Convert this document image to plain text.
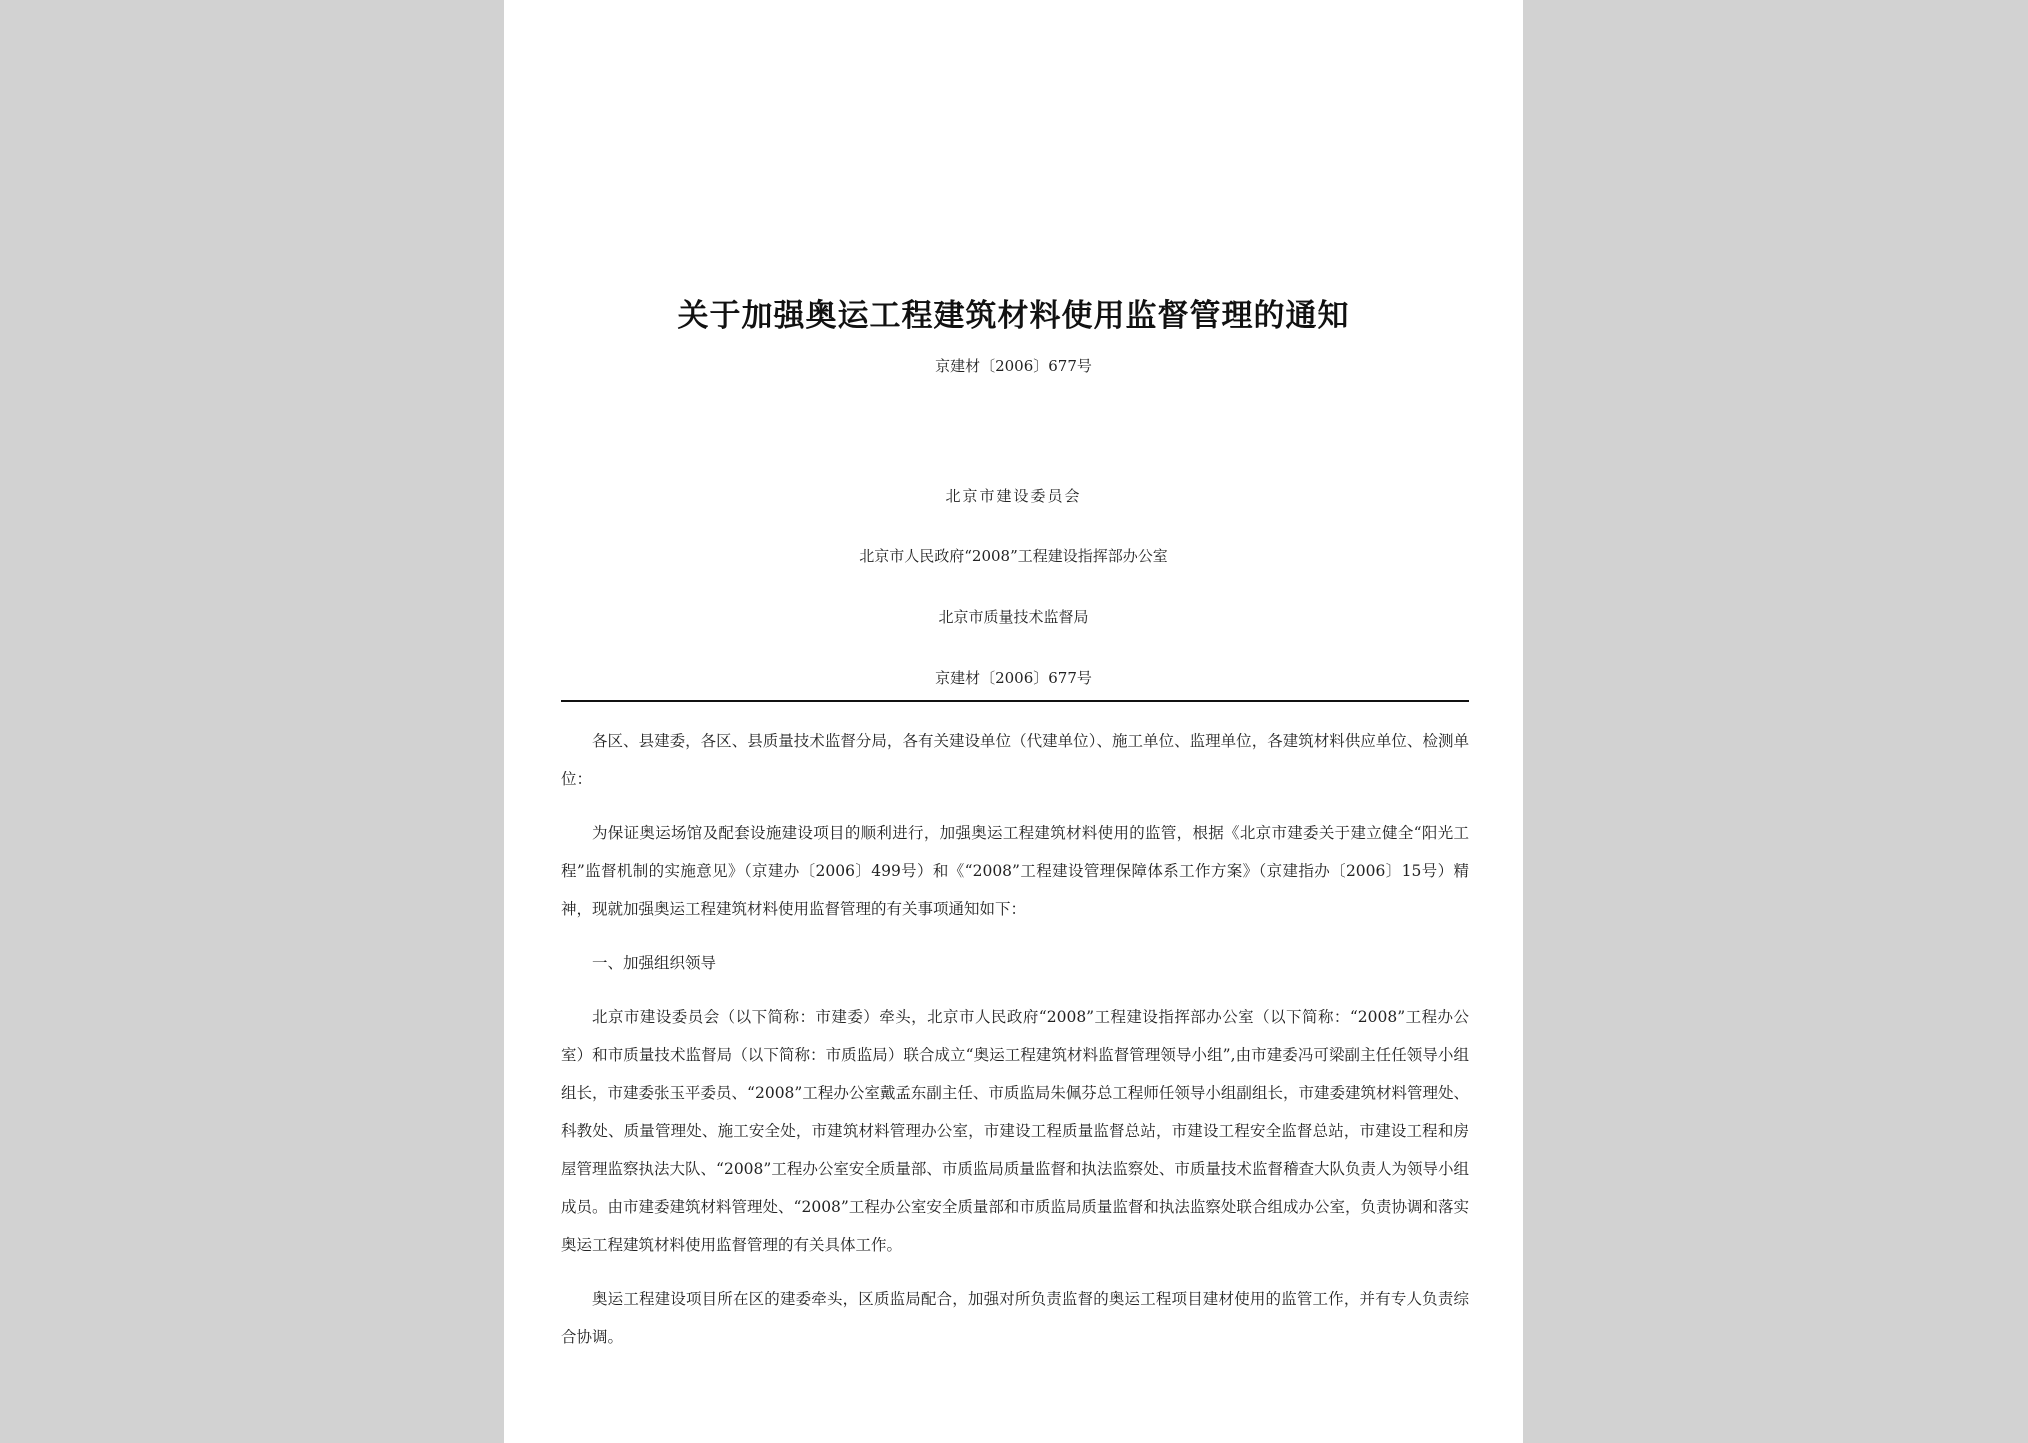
关于加强奥运工程建筑材料使用监督管理的通知
京建材〔2006〕677号
北京市建设委员会
北京市人民政府“2008”工程建设指挥部办公室
北京市质量技术监督局
京建材〔2006〕677号

各区、县建委，各区、县质量技术监督分局，各有关建设单位（代建单位）、施工单位、监理单位，各建筑材料供应单位、检测单位：

为保证奥运场馆及配套设施建设项目的顺利进行，加强奥运工程建筑材料使用的监管，根据《北京市建委关于建立健全“阳光工程”监督机制的实施意见》（京建办〔2006〕499号）和《“2008”工程建设管理保障体系工作方案》（京建指办〔2006〕15号）精神，现就加强奥运工程建筑材料使用监督管理的有关事项通知如下：

一、加强组织领导

北京市建设委员会（以下简称：市建委）牵头，北京市人民政府“2008”工程建设指挥部办公室（以下简称：“2008”工程办公室）和市质量技术监督局（以下简称：市质监局）联合成立“奥运工程建筑材料监督管理领导小组”,由市建委冯可梁副主任任领导小组组长，市建委张玉平委员、“2008”工程办公室戴孟东副主任、市质监局朱佩芬总工程师任领导小组副组长，市建委建筑材料管理处、科教处、质量管理处、施工安全处，市建筑材料管理办公室，市建设工程质量监督总站，市建设工程安全监督总站，市建设工程和房屋管理监察执法大队、“2008”工程办公室安全质量部、市质监局质量监督和执法监察处、市质量技术监督稽查大队负责人为领导小组成员。由市建委建筑材料管理处、“2008”工程办公室安全质量部和市质监局质量监督和执法监察处联合组成办公室，负责协调和落实奥运工程建筑材料使用监督管理的有关具体工作。

奥运工程建设项目所在区的建委牵头，区质监局配合，加强对所负责监督的奥运工程项目建材使用的监管工作，并有专人负责综合协调。
